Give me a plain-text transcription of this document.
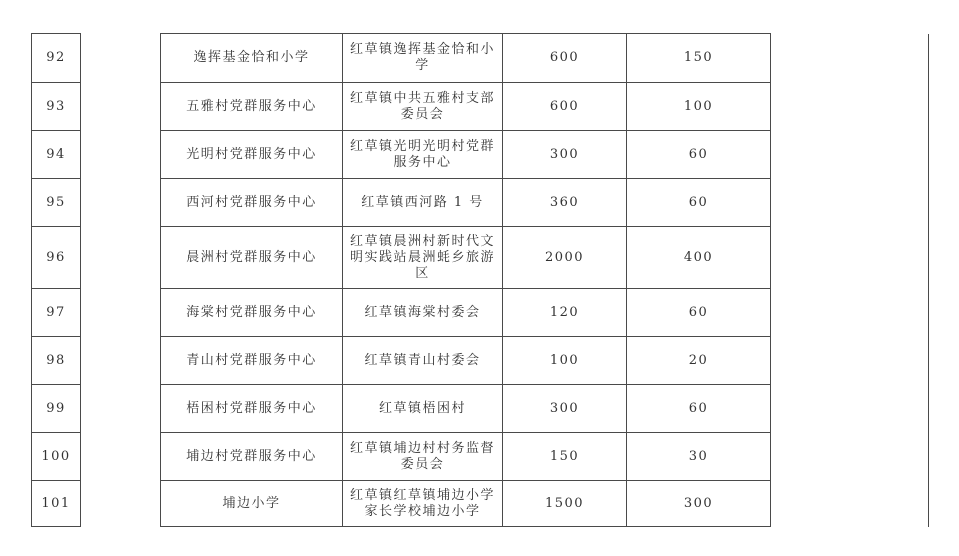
92		逸挥基金恰和小学	红草镇逸挥基金恰和小学	600	150	
93		五雅村党群服务中心	红草镇中共五雅村支部委员会	600	100	
94		光明村党群服务中心	红草镇光明光明村党群服务中心	300	60	
95		西河村党群服务中心	红草镇西河路 1 号	360	60	
96		晨洲村党群服务中心	红草镇晨洲村新时代文明实践站晨洲蚝乡旅游区	2000	400	
97		海棠村党群服务中心	红草镇海棠村委会	120	60	
98		青山村党群服务中心	红草镇青山村委会	100	20	
99		梧困村党群服务中心	红草镇梧困村	300	60	
100		埔边村党群服务中心	红草镇埔边村村务监督委员会	150	30	
101		埔边小学	红草镇红草镇埔边小学家长学校埔边小学	1500	300	
